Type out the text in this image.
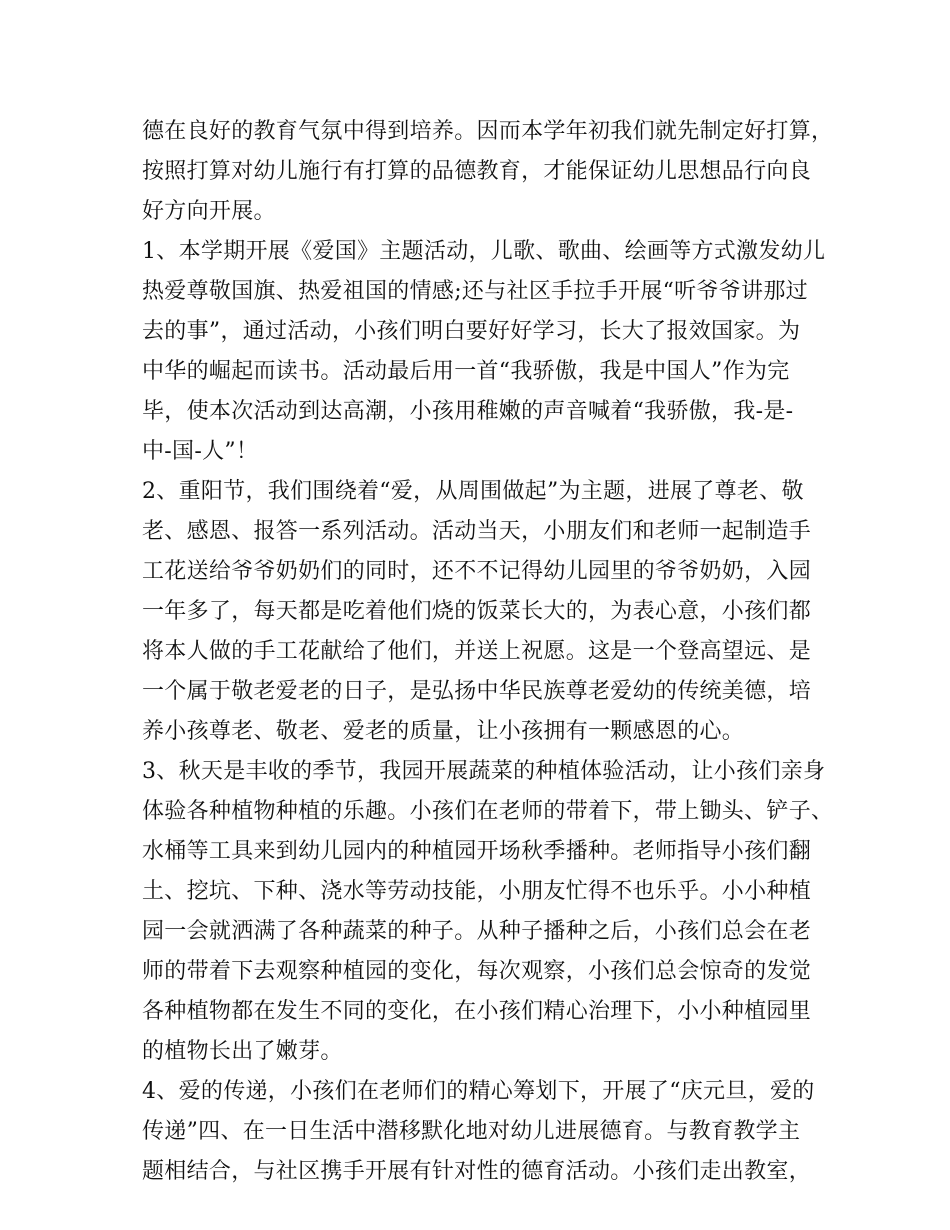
德在良好的教育气氛中得到培养。因而本学年初我们就先制定好打算，
按照打算对幼儿施行有打算的品德教育，才能保证幼儿思想品行向良
好方向开展。
1、本学期开展《爱国》主题活动，儿歌、歌曲、绘画等方式激发幼儿
热爱尊敬国旗、热爱祖国的情感;还与社区手拉手开展“听爷爷讲那过
去的事”，通过活动，小孩们明白要好好学习，长大了报效国家。为
中华的崛起而读书。活动最后用一首“我骄傲，我是中国人”作为完
毕，使本次活动到达高潮，小孩用稚嫩的声音喊着“我骄傲，我-是-
中-国-人”！
2、重阳节，我们围绕着“爱，从周围做起”为主题，进展了尊老、敬
老、感恩、报答一系列活动。活动当天，小朋友们和老师一起制造手
工花送给爷爷奶奶们的同时，还不不记得幼儿园里的爷爷奶奶，入园
一年多了，每天都是吃着他们烧的饭菜长大的，为表心意，小孩们都
将本人做的手工花献给了他们，并送上祝愿。这是一个登高望远、是
一个属于敬老爱老的日子，是弘扬中华民族尊老爱幼的传统美德，培
养小孩尊老、敬老、爱老的质量，让小孩拥有一颗感恩的心。
3、秋天是丰收的季节，我园开展蔬菜的种植体验活动，让小孩们亲身
体验各种植物种植的乐趣。小孩们在老师的带着下，带上锄头、铲子、
水桶等工具来到幼儿园内的种植园开场秋季播种。老师指导小孩们翻
土、挖坑、下种、浇水等劳动技能，小朋友忙得不也乐乎。小小种植
园一会就洒满了各种蔬菜的种子。从种子播种之后，小孩们总会在老
师的带着下去观察种植园的变化，每次观察，小孩们总会惊奇的发觉
各种植物都在发生不同的变化，在小孩们精心治理下，小小种植园里
的植物长出了嫩芽。
4、爱的传递，小孩们在老师们的精心筹划下，开展了“庆元旦，爱的
传递”四、在一日生活中潜移默化地对幼儿进展德育。与教育教学主
题相结合，与社区携手开展有针对性的德育活动。小孩们走出教室，
